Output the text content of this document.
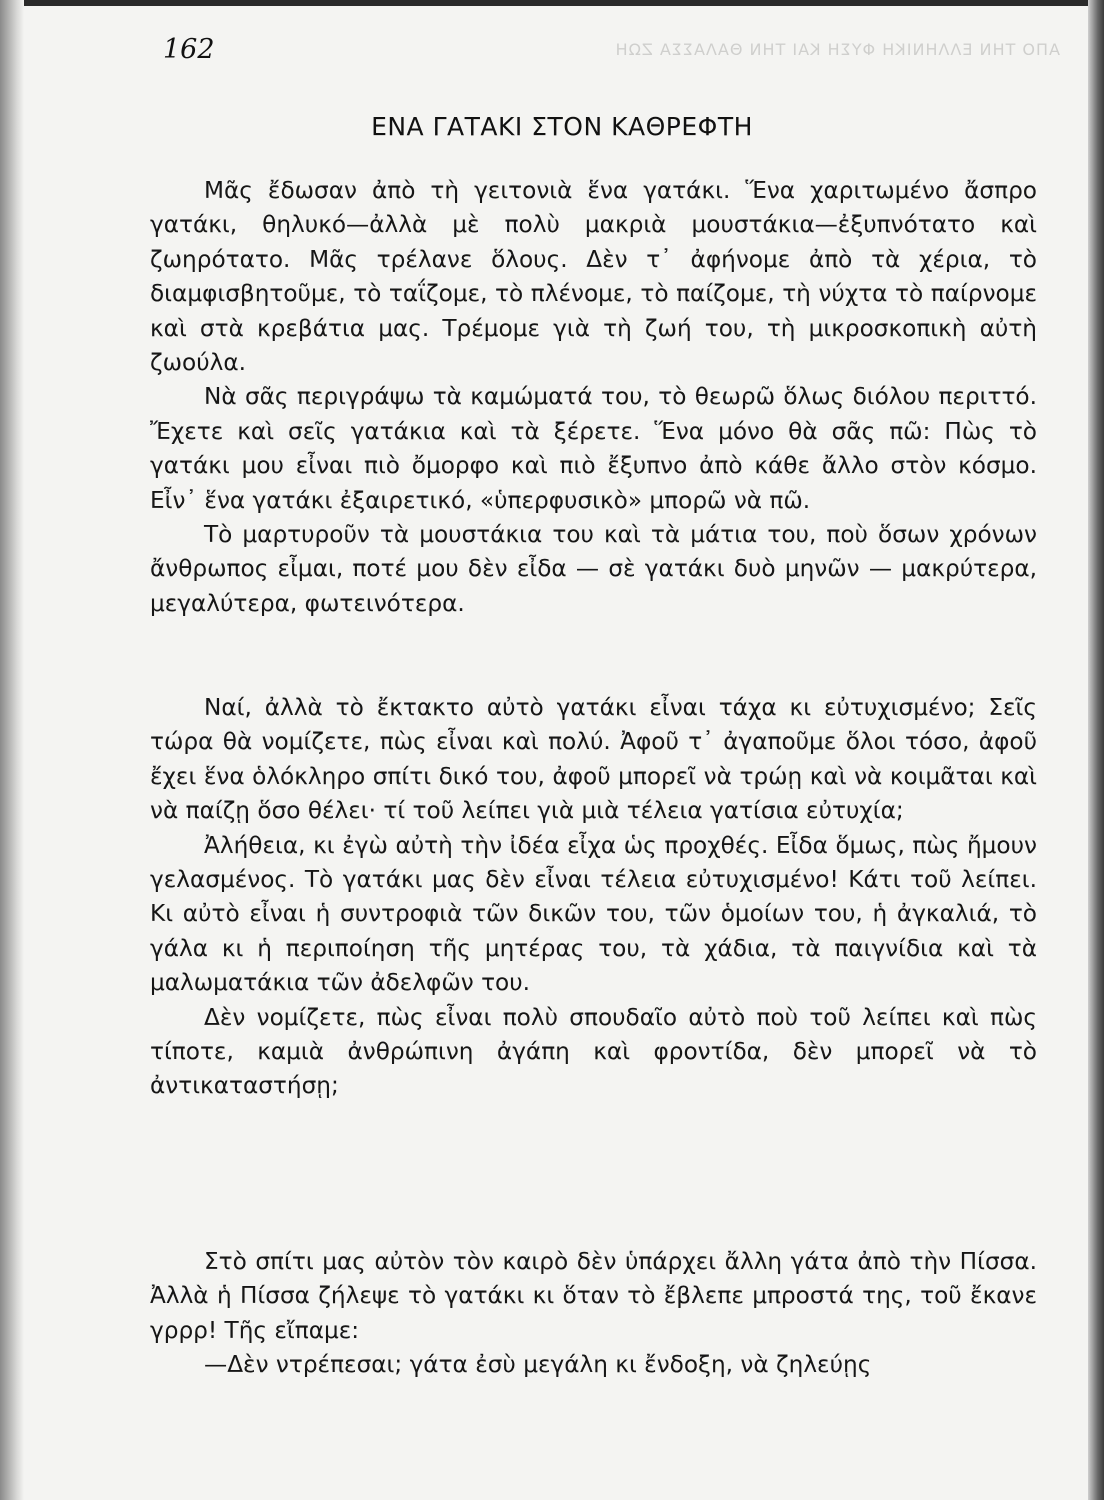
ΑΠΟ ΤΗΝ ΕΛΛΗΝΙΚΗ ΦΥΣΗ ΚΑΙ ΤΗΝ ΘΑΛΑΣΣΑ ΖΩΗ
162
ΕΝΑ ΓΑΤΑΚΙ ΣΤΟΝ ΚΑΘΡΕΦΤΗ

Μᾶς ἔδωσαν ἀπὸ τὴ γειτονιὰ ἕνα γατάκι. Ἕνα χαριτωμένο ἄσπρο γατάκι, θηλυκό—ἀλλὰ μὲ πολὺ μακριὰ μουστάκια—ἐξυπνότατο καὶ ζωηρότατο. Μᾶς τρέλανε ὅλους. Δὲν τ᾽ ἀφήνομε ἀπὸ τὰ χέρια, τὸ διαμφισβητοῦμε, τὸ ταΐζομε, τὸ πλένομε, τὸ παίζομε, τὴ νύχτα τὸ παίρνομε καὶ στὰ κρεβάτια μας. Τρέμομε γιὰ τὴ ζωή του, τὴ μικροσκοπικὴ αὐτὴ ζωούλα.

Νὰ σᾶς περιγράψω τὰ καμώματά του, τὸ θεωρῶ ὅλως διόλου περιττό. Ἔχετε καὶ σεῖς γατάκια καὶ τὰ ξέρετε. Ἕνα μόνο θὰ σᾶς πῶ: Πὼς τὸ γατάκι μου εἶναι πιὸ ὄμορφο καὶ πιὸ ἔξυπνο ἀπὸ κάθε ἄλλο στὸν κόσμο. Εἶν᾽ ἕνα γατάκι ἐξαιρετικό, «ὑπερφυσικὸ» μπορῶ νὰ πῶ.

Τὸ μαρτυροῦν τὰ μουστάκια του καὶ τὰ μάτια του, ποὺ ὅσων χρόνων ἄνθρωπος εἶμαι, ποτέ μου δὲν εἶδα — σὲ γατάκι δυὸ μηνῶν — μακρύτερα, μεγαλύτερα, φωτεινότερα.

Ναί, ἀλλὰ τὸ ἔκτακτο αὐτὸ γατάκι εἶναι τάχα κι εὐτυχισμένο; Σεῖς τώρα θὰ νομίζετε, πὼς εἶναι καὶ πολύ. Ἀφοῦ τ᾽ ἀγαποῦμε ὅλοι τόσο, ἀφοῦ ἔχει ἕνα ὁλόκληρο σπίτι δικό του, ἀφοῦ μπορεῖ νὰ τρώῃ καὶ νὰ κοιμᾶται καὶ νὰ παίζῃ ὅσο θέλει· τί τοῦ λείπει γιὰ μιὰ τέλεια γατίσια εὐτυχία;

Ἀλήθεια, κι ἐγὼ αὐτὴ τὴν ἰδέα εἶχα ὡς προχθές. Εἶδα ὅμως, πὼς ἤμουν γελασμένος. Τὸ γατάκι μας δὲν εἶναι τέλεια εὐτυχισμένο! Κάτι τοῦ λείπει. Κι αὐτὸ εἶναι ἡ συντροφιὰ τῶν δικῶν του, τῶν ὁμοίων του, ἡ ἀγκαλιά, τὸ γάλα κι ἡ περιποίηση τῆς μητέρας του, τὰ χάδια, τὰ παιγνίδια καὶ τὰ μαλωματάκια τῶν ἀδελφῶν του.

Δὲν νομίζετε, πὼς εἶναι πολὺ σπουδαῖο αὐτὸ ποὺ τοῦ λείπει καὶ πὼς τίποτε, καμιὰ ἀνθρώπινη ἀγάπη καὶ φροντίδα, δὲν μπορεῖ νὰ τὸ ἀντικαταστήσῃ;

Στὸ σπίτι μας αὐτὸν τὸν καιρὸ δὲν ὑπάρχει ἄλλη γάτα ἀπὸ τὴν Πίσσα. Ἀλλὰ ἡ Πίσσα ζήλεψε τὸ γατάκι κι ὅταν τὸ ἔβλεπε μπροστά της, τοῦ ἔκανε γρρρ! Τῆς εἴπαμε:

—Δὲν ντρέπεσαι; γάτα ἐσὺ μεγάλη κι ἔνδοξη, νὰ ζηλεύῃς
